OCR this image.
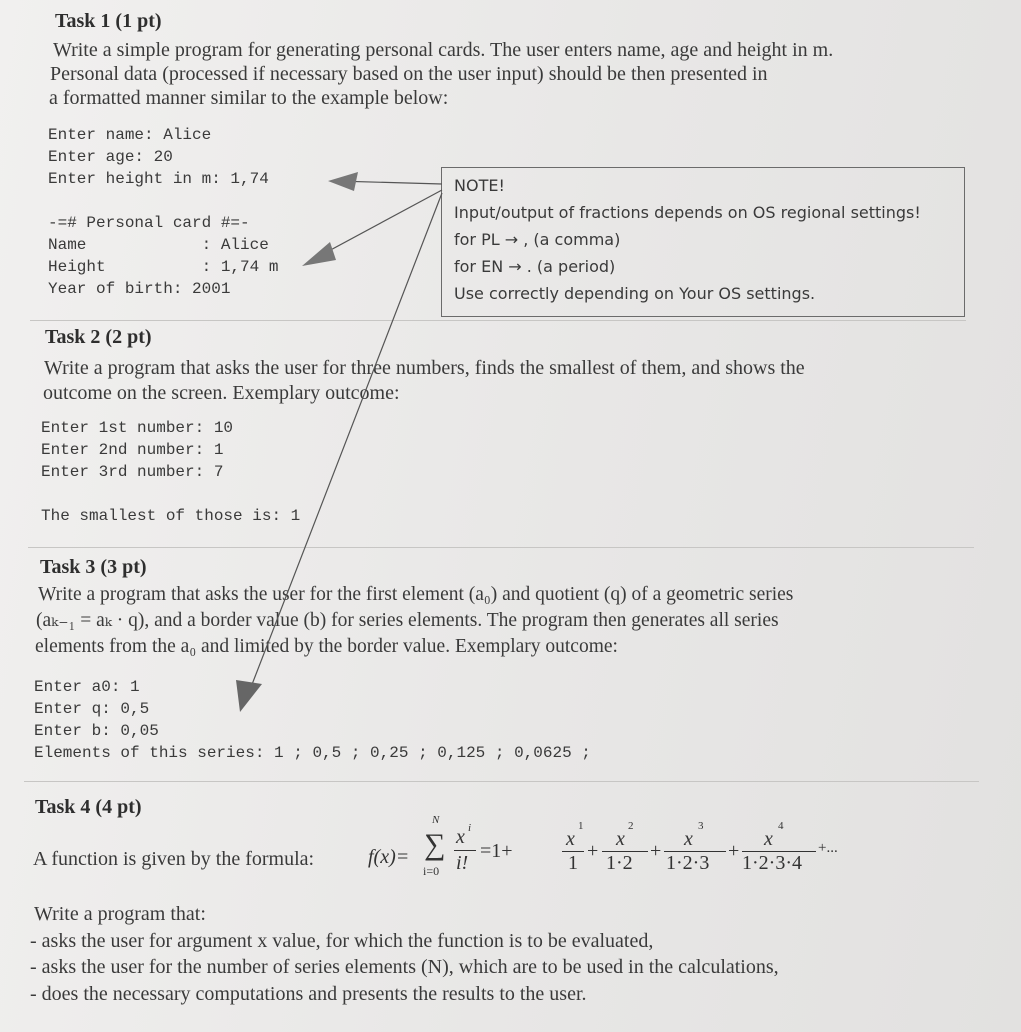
Task 1 (1 pt)
Write a simple program for generating personal cards. The user enters name, age and height in m.
Personal data (processed if necessary based on the user input) should be then presented in
a formatted manner similar to the example below:
Enter name: Alice
Enter age: 20
Enter height in m: 1,74

-=# Personal card #=-
Name            : Alice
Height          : 1,74 m
Year of birth: 2001
NOTE!
Input/output of fractions depends on OS regional settings!
for PL → , (a comma)
for EN → . (a period)
Use correctly depending on Your OS settings.
Task 2 (2 pt)
Write a program that asks the user for three numbers, finds the smallest of them, and shows the
outcome on the screen. Exemplary outcome:
Enter 1st number: 10
Enter 2nd number: 1
Enter 3rd number: 7

The smallest of those is: 1
Task 3 (3 pt)
Write a program that asks the user for the first element (a₀) and quotient (q) of a geometric series
(aₖ₋₁ = aₖ · q), and a border value (b) for series elements. The program then generates all series
elements from the a₀ and limited by the border value. Exemplary outcome:
Enter a0: 1
Enter q: 0,5
Enter b: 0,05
Elements of this series: 1 ; 0,5 ; 0,25 ; 0,125 ; 0,0625 ;
Task 4 (4 pt)
A function is given by the formula:	f(x)=
N
∑
i=0
x i
i!
=1+
x
1
1
+
x
2
1·2
+
x
3
1·2·3
+
x
4
1·2·3·4
+...
Write a program that:
- asks the user for argument x value, for which the function is to be evaluated,
- asks the user for the number of series elements (N), which are to be used in the calculations,
- does the necessary computations and presents the results to the user.
